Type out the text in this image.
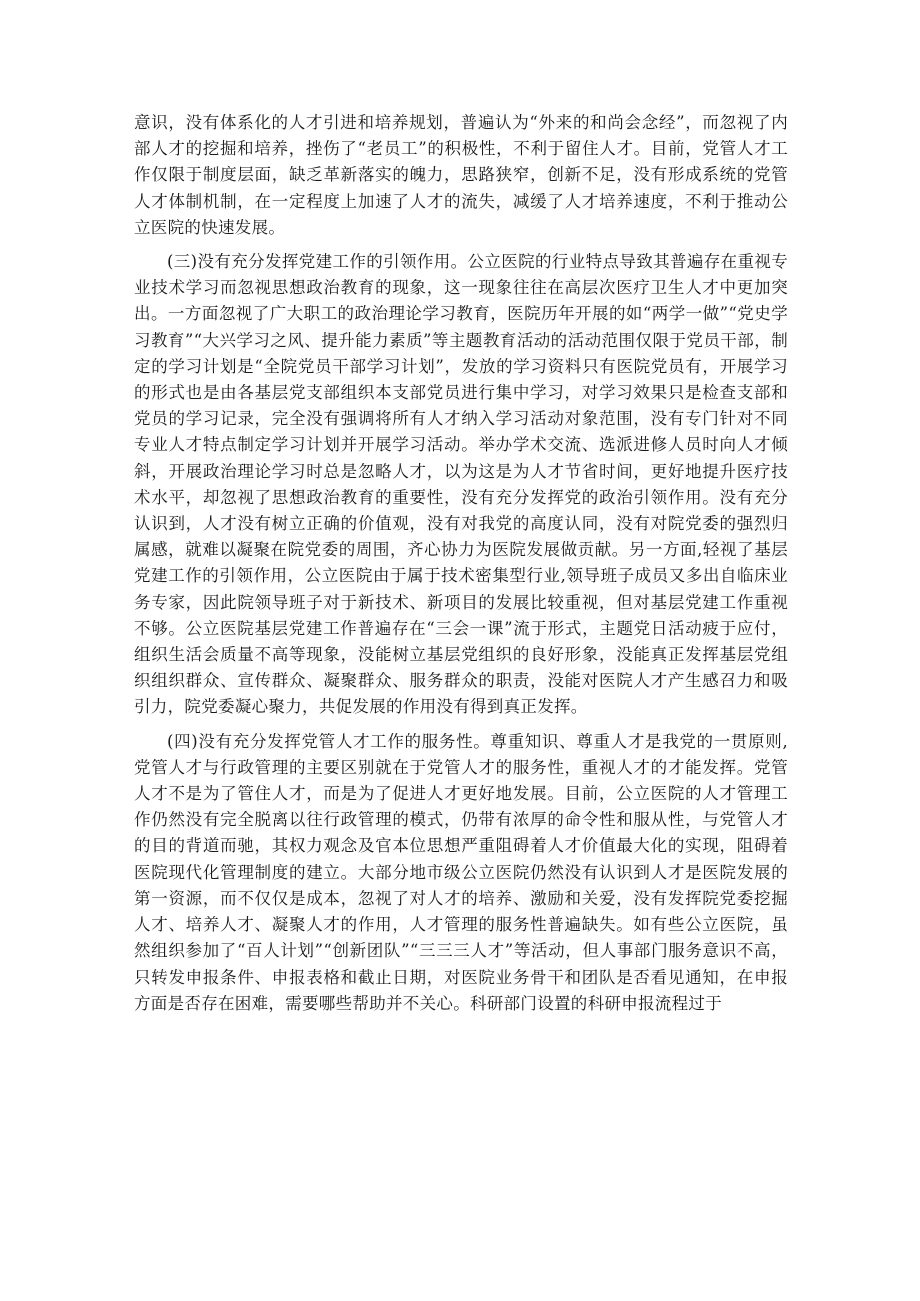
意识，没有体系化的人才引进和培养规划，普遍认为“外来的和尚会念经”，而忽视了内部人才的挖掘和培养，挫伤了“老员工”的积极性，不利于留住人才。目前，党管人才工作仅限于制度层面，缺乏革新落实的魄力，思路狭窄，创新不足，没有形成系统的党管人才体制机制，在一定程度上加速了人才的流失，减缓了人才培养速度，不利于推动公立医院的快速发展。

(三)没有充分发挥党建工作的引领作用。公立医院的行业特点导致其普遍存在重视专业技术学习而忽视思想政治教育的现象，这一现象往往在高层次医疗卫生人才中更加突出。一方面忽视了广大职工的政治理论学习教育，医院历年开展的如“两学一做”“党史学习教育”“大兴学习之风、提升能力素质”等主题教育活动的活动范围仅限于党员干部，制定的学习计划是“全院党员干部学习计划”，发放的学习资料只有医院党员有，开展学习的形式也是由各基层党支部组织本支部党员进行集中学习，对学习效果只是检查支部和党员的学习记录，完全没有强调将所有人才纳入学习活动对象范围，没有专门针对不同专业人才特点制定学习计划并开展学习活动。举办学术交流、选派进修人员时向人才倾斜，开展政治理论学习时总是忽略人才，以为这是为人才节省时间，更好地提升医疗技术水平，却忽视了思想政治教育的重要性，没有充分发挥党的政治引领作用。没有充分认识到，人才没有树立正确的价值观，没有对我党的高度认同，没有对院党委的强烈归属感，就难以凝聚在院党委的周围，齐心协力为医院发展做贡献。另一方面,轻视了基层党建工作的引领作用，公立医院由于属于技术密集型行业,领导班子成员又多出自临床业务专家，因此院领导班子对于新技术、新项目的发展比较重视，但对基层党建工作重视不够。公立医院基层党建工作普遍存在“三会一课”流于形式，主题党日活动疲于应付，组织生活会质量不高等现象，没能树立基层党组织的良好形象，没能真正发挥基层党组织组织群众、宣传群众、凝聚群众、服务群众的职责，没能对医院人才产生感召力和吸引力，院党委凝心聚力，共促发展的作用没有得到真正发挥。

(四)没有充分发挥党管人才工作的服务性。尊重知识、尊重人才是我党的一贯原则,党管人才与行政管理的主要区别就在于党管人才的服务性，重视人才的才能发挥。党管人才不是为了管住人才，而是为了促进人才更好地发展。目前，公立医院的人才管理工作仍然没有完全脱离以往行政管理的模式，仍带有浓厚的命令性和服从性，与党管人才的目的背道而驰，其权力观念及官本位思想严重阻碍着人才价值最大化的实现，阻碍着医院现代化管理制度的建立。大部分地市级公立医院仍然没有认识到人才是医院发展的第一资源，而不仅仅是成本，忽视了对人才的培养、激励和关爱，没有发挥院党委挖掘人才、培养人才、凝聚人才的作用，人才管理的服务性普遍缺失。如有些公立医院，虽然组织参加了“百人计划”“创新团队”“三三三人才”等活动，但人事部门服务意识不高，只转发申报条件、申报表格和截止日期，对医院业务骨干和团队是否看见通知，在申报方面是否存在困难，需要哪些帮助并不关心。科研部门设置的科研申报流程过于
